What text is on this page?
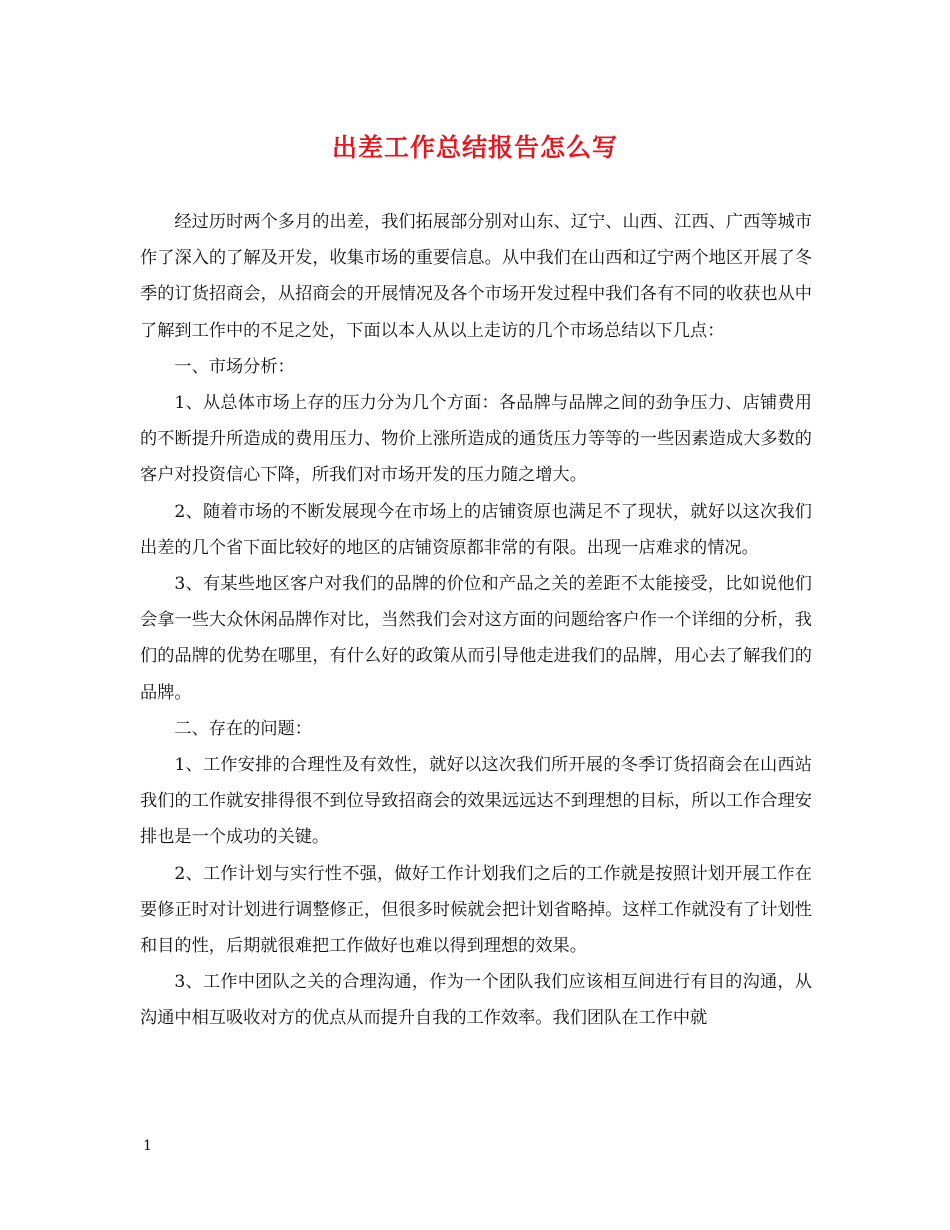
出差工作总结报告怎么写

经过历时两个多月的出差，我们拓展部分别对山东、辽宁、山西、江西、广西等城市作了深入的了解及开发，收集市场的重要信息。从中我们在山西和辽宁两个地区开展了冬季的订货招商会，从招商会的开展情况及各个市场开发过程中我们各有不同的收获也从中了解到工作中的不足之处，下面以本人从以上走访的几个市场总结以下几点：

一、市场分析：

1、从总体市场上存的压力分为几个方面：各品牌与品牌之间的劲争压力、店铺费用的不断提升所造成的费用压力、物价上涨所造成的通货压力等等的一些因素造成大多数的客户对投资信心下降，所我们对市场开发的压力随之增大。

2、随着市场的不断发展现今在市场上的店铺资原也满足不了现状，就好以这次我们出差的几个省下面比较好的地区的店铺资原都非常的有限。出现一店难求的情况。

3、有某些地区客户对我们的品牌的价位和产品之关的差距不太能接受，比如说他们会拿一些大众休闲品牌作对比，当然我们会对这方面的问题给客户作一个详细的分析，我们的品牌的优势在哪里，有什么好的政策从而引导他走进我们的品牌，用心去了解我们的品牌。

二、存在的问题：

1、工作安排的合理性及有效性，就好以这次我们所开展的冬季订货招商会在山西站我们的工作就安排得很不到位导致招商会的效果远远达不到理想的目标，所以工作合理安排也是一个成功的关键。

2、工作计划与实行性不强，做好工作计划我们之后的工作就是按照计划开展工作在要修正时对计划进行调整修正，但很多时候就会把计划省略掉。这样工作就没有了计划性和目的性，后期就很难把工作做好也难以得到理想的效果。

3、工作中团队之关的合理沟通，作为一个团队我们应该相互间进行有目的沟通，从沟通中相互吸收对方的优点从而提升自我的工作效率。我们团队在工作中就

1
